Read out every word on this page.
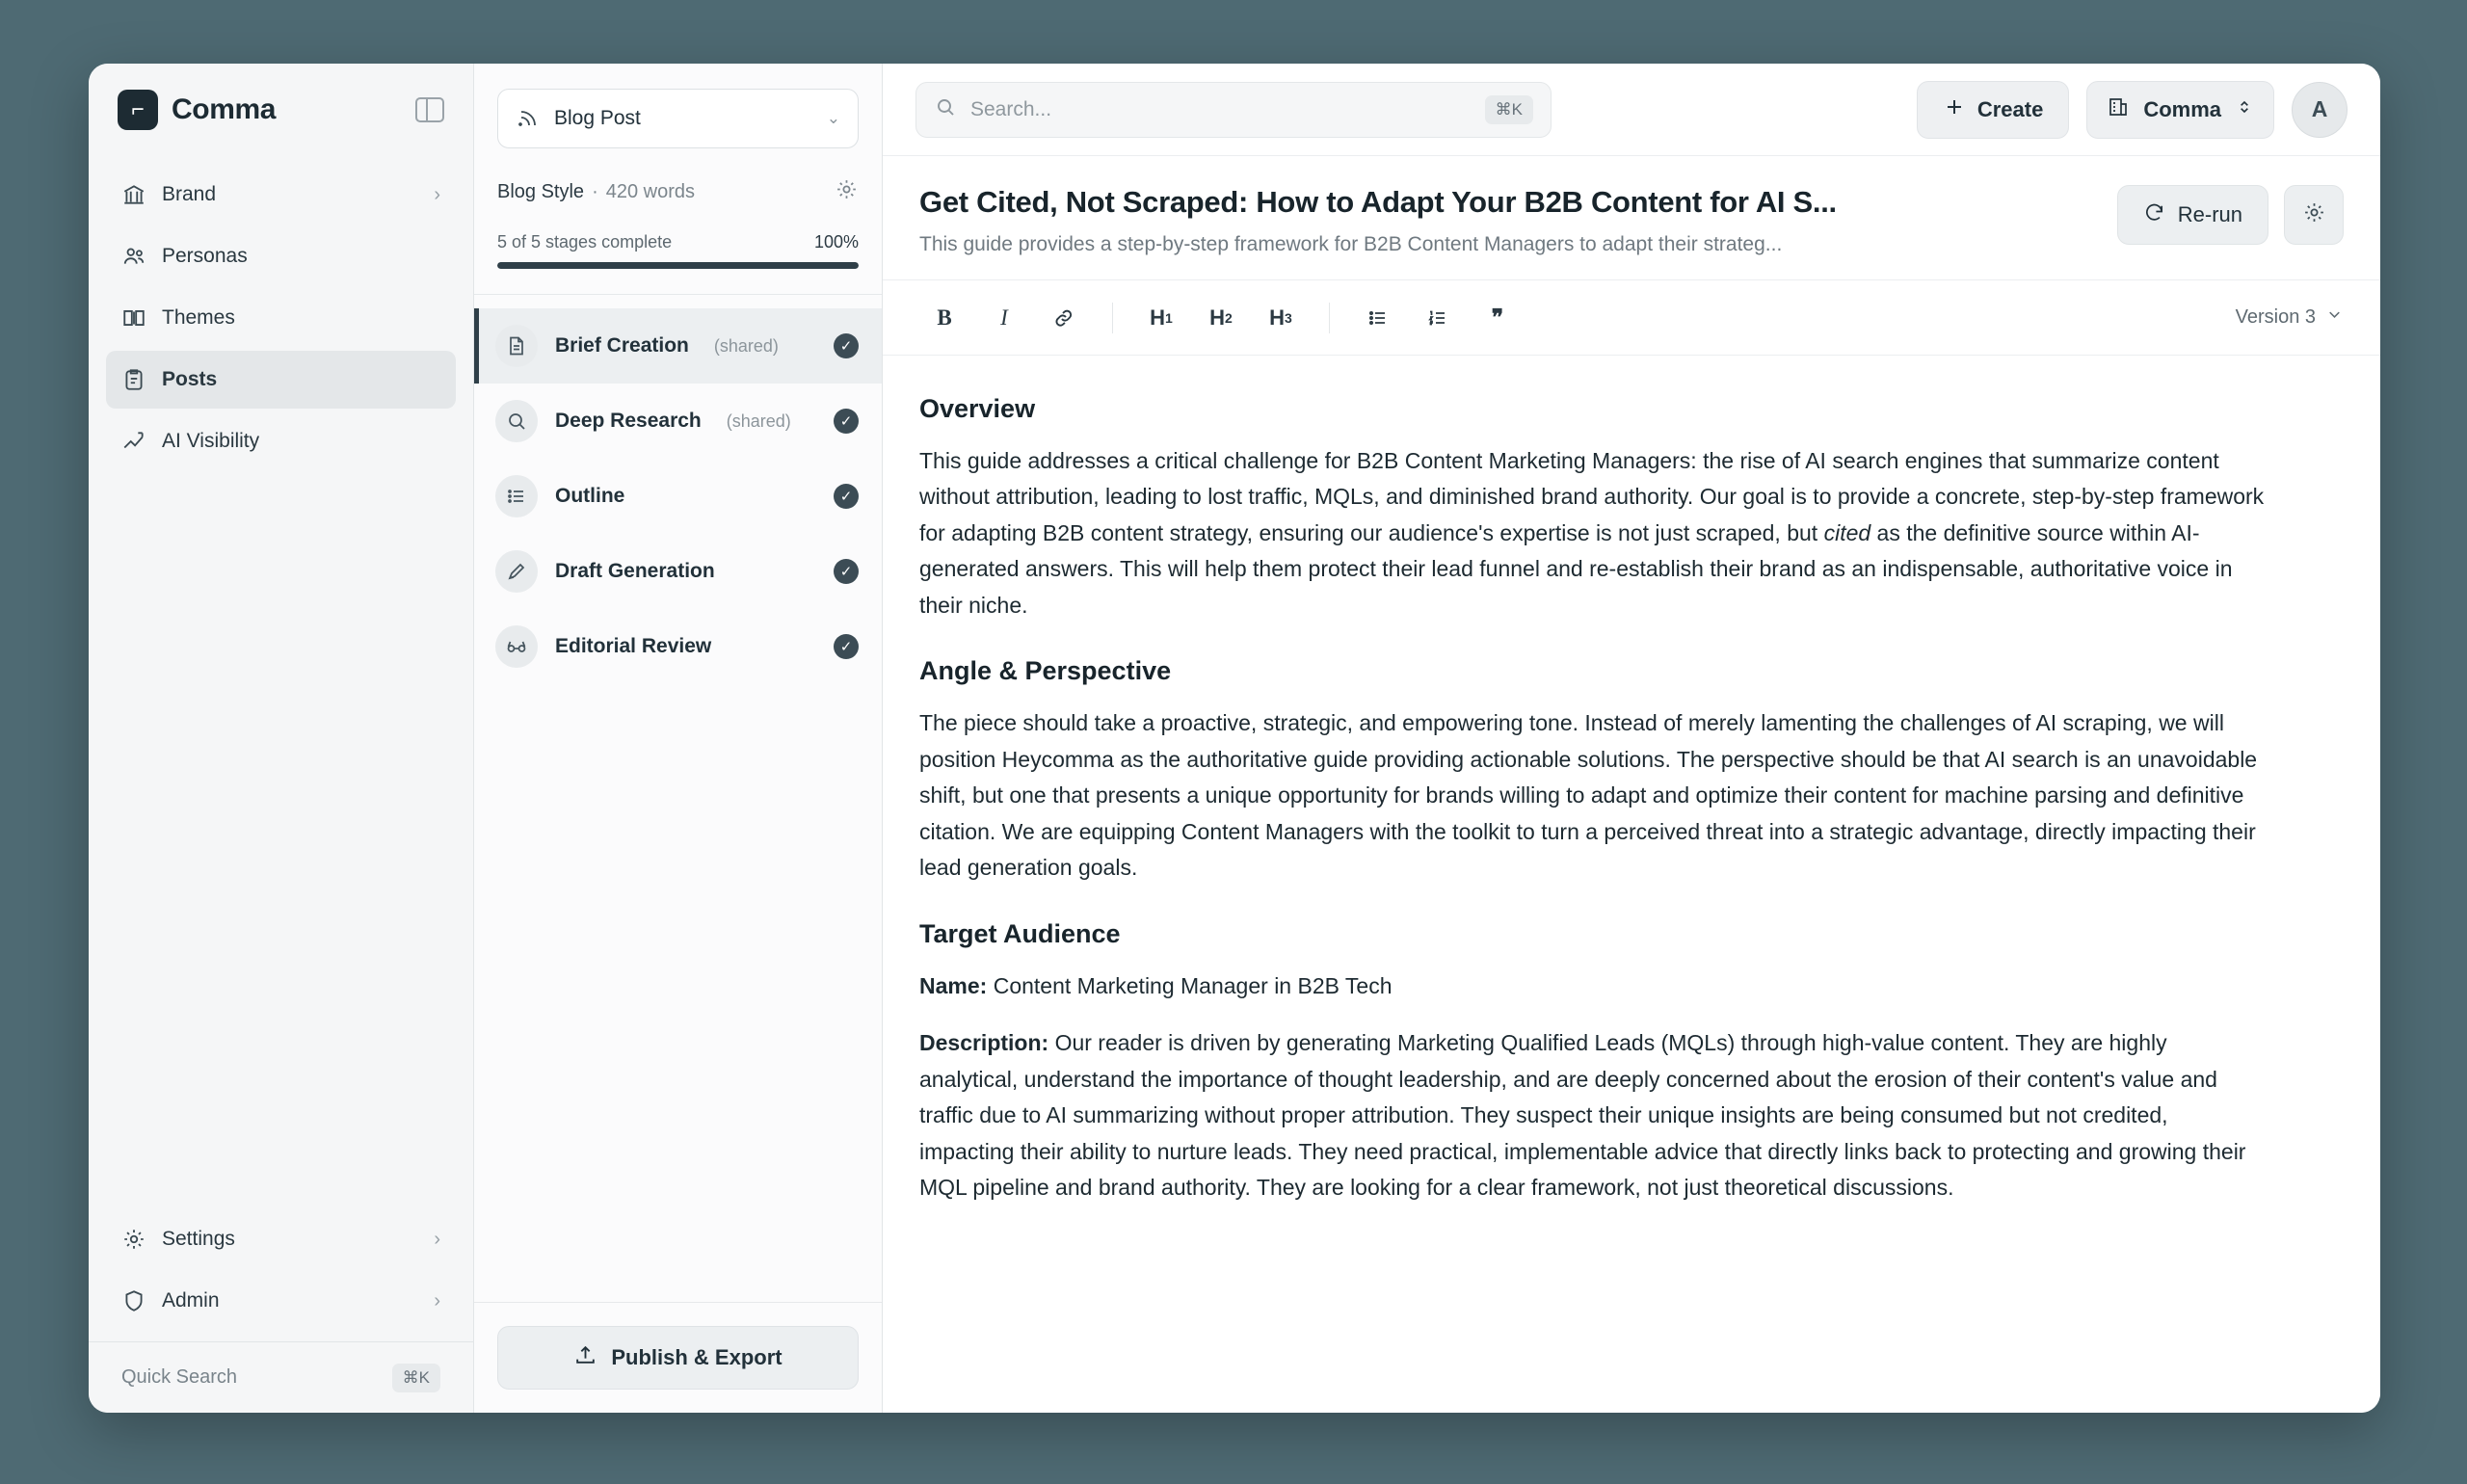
⌐ Comma
Brand	›
Personas
Themes
Posts
AI Visibility
Settings	›
Admin	›
Quick Search	⌘K
Blog Post	⌄
Blog Style · 420 words
5 of 5 stages complete	100%
Brief Creation (shared)	✓
Deep Research (shared)	✓
Outline	✓
Draft Generation	✓
Editorial Review	✓
Publish & Export
Search...
⌘K	Create	Comma	A
Get Cited, Not Scraped: How to Adapt Your B2B Content for AI S...
This guide provides a step-by-step framework for B2B Content Managers to adapt their strateg...
Re-run
B	I	H 1 H 2 H 3	❞	Version 3
Overview

This guide addresses a critical challenge for B2B Content Marketing Managers: the rise of AI search engines that summarize content without attribution, leading to lost traffic, MQLs, and diminished brand authority. Our goal is to provide a concrete, step-by-step framework for adapting B2B content strategy, ensuring our audience's expertise is not just scraped, but cited as the definitive source within AI-generated answers. This will help them protect their lead funnel and re-establish their brand as an indispensable, authoritative voice in their niche.

Angle & Perspective

The piece should take a proactive, strategic, and empowering tone. Instead of merely lamenting the challenges of AI scraping, we will position Heycomma as the authoritative guide providing actionable solutions. The perspective should be that AI search is an unavoidable shift, but one that presents a unique opportunity for brands willing to adapt and optimize their content for machine parsing and definitive citation. We are equipping Content Managers with the toolkit to turn a perceived threat into a strategic advantage, directly impacting their lead generation goals.

Target Audience

Name: Content Marketing Manager in B2B Tech

Description: Our reader is driven by generating Marketing Qualified Leads (MQLs) through high-value content. They are highly analytical, understand the importance of thought leadership, and are deeply concerned about the erosion of their content's value and traffic due to AI summarizing without proper attribution. They suspect their unique insights are being consumed but not credited, impacting their ability to nurture leads. They need practical, implementable advice that directly links back to protecting and growing their MQL pipeline and brand authority. They are looking for a clear framework, not just theoretical discussions.
